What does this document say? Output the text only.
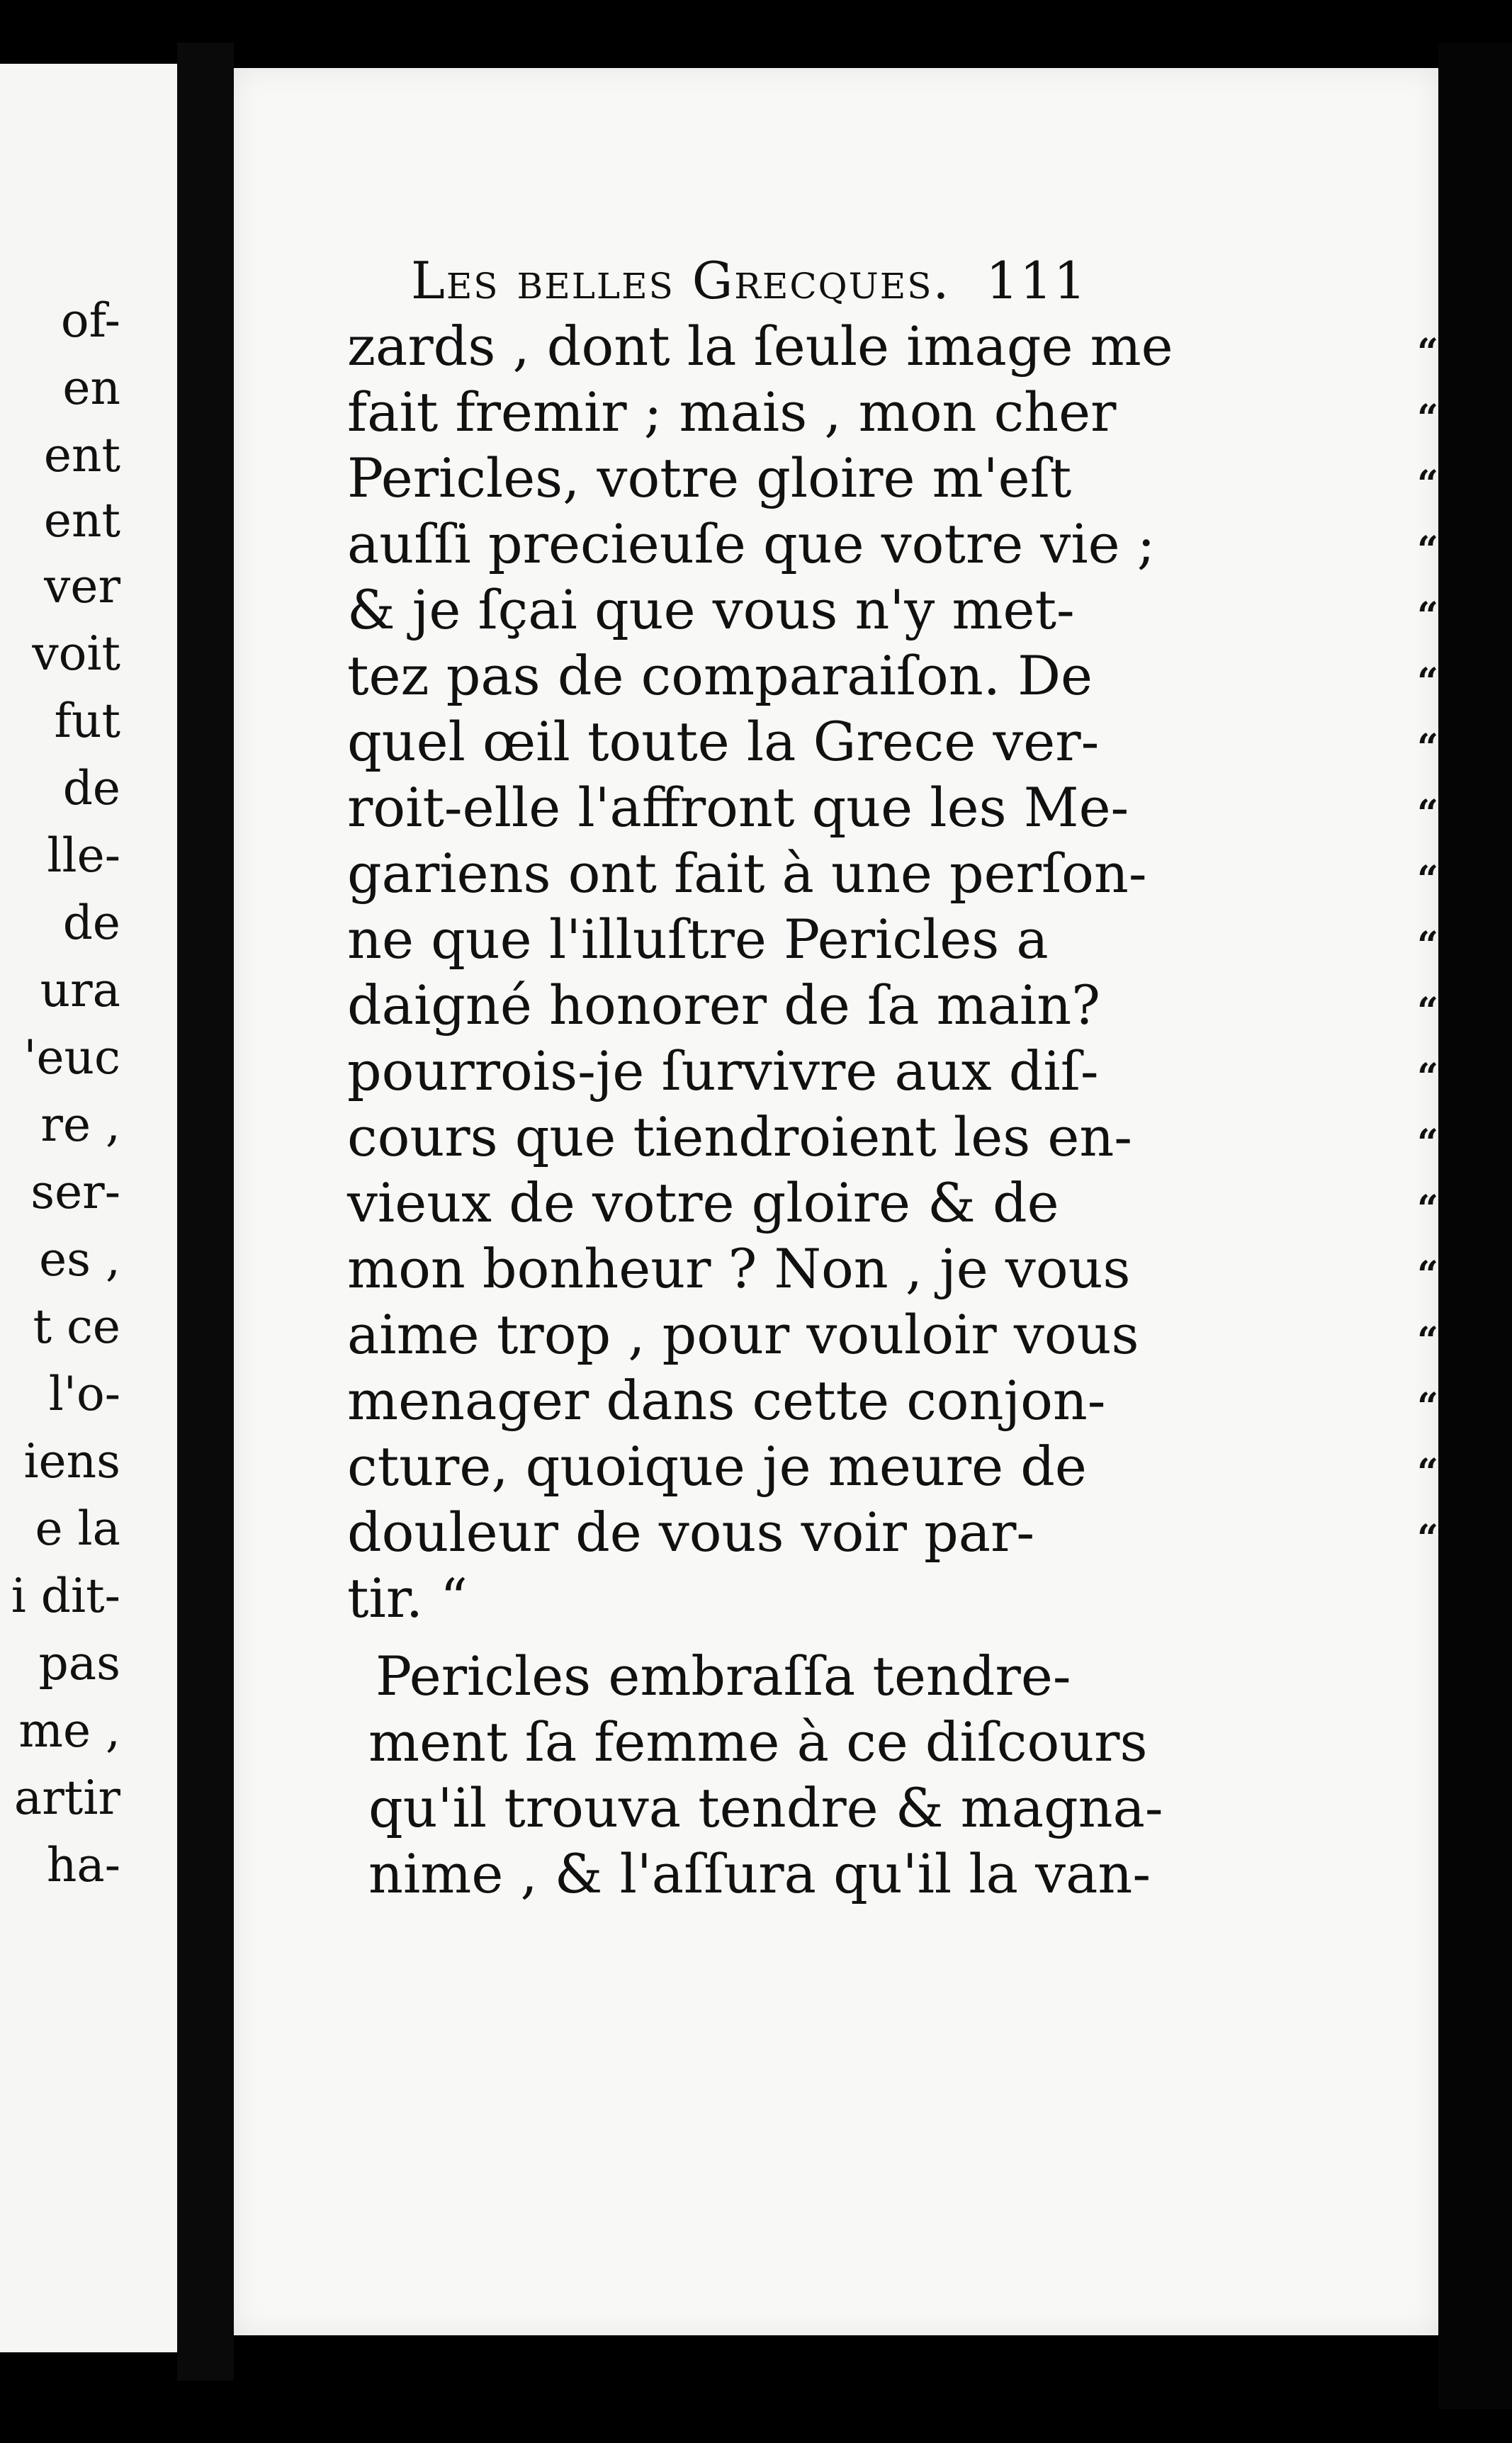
of-
en
ent
ent
ver
voit
fut
de
lle-
de
ura
'euc
re ,
ser-
es ,
t ce
l'o-
iens
e la
i dit-
pas
me ,
artir
ha-
Les belles Grecques. 111
zards , dont la ſeule image me	“
fait fremir ; mais , mon cher	“
Pericles, votre gloire m'eſt	“
auſſi precieuſe que votre vie ;	“
& je ſçai que vous n'y met-	“
tez pas de comparaiſon. De	“
quel œil toute la Grece ver-	“
roit-elle l'affront que les Me-	“
gariens ont fait à une perſon-	“
ne que l'illuſtre Pericles a	“
daigné honorer de ſa main?	“
pourrois-je ſurvivre aux diſ-	“
cours que tiendroient les en-	“
vieux de votre gloire & de	“
mon bonheur ? Non , je vous	“
aime trop , pour vouloir vous	“
menager dans cette conjon-	“
cture, quoique je meure de	“
douleur de vous voir par-	“
tir. “
Pericles embraſſa tendre-
ment ſa femme à ce diſcours
qu'il trouva tendre & magna-
nime , & l'aſſura qu'il la van-
